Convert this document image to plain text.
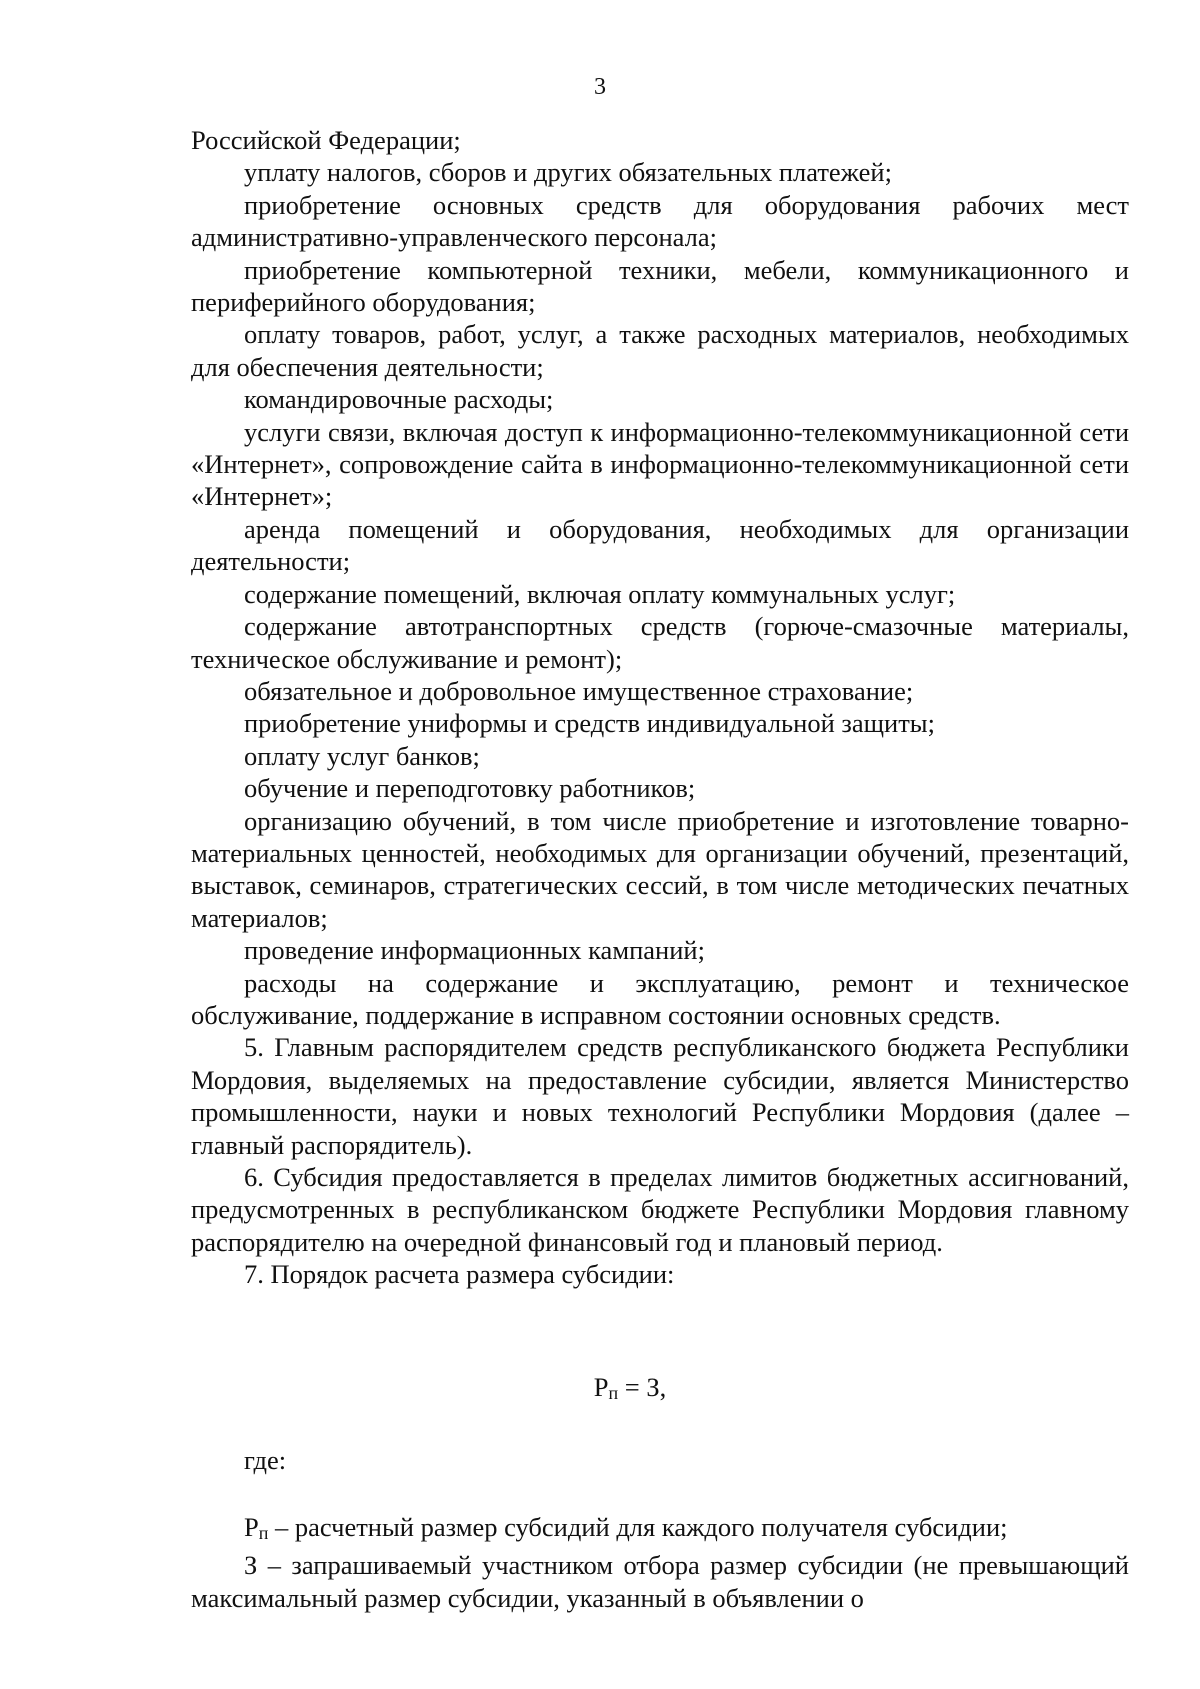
3

Российской Федерации;

уплату налогов, сборов и других обязательных платежей;

приобретение основных средств для оборудования рабочих мест административно-управленческого персонала;

приобретение компьютерной техники, мебели, коммуникационного и периферийного оборудования;

оплату товаров, работ, услуг, а также расходных материалов, необходимых для обеспечения деятельности;

командировочные расходы;

услуги связи, включая доступ к информационно-телекоммуникационной сети «Интернет», сопровождение сайта в информационно-телекоммуникационной сети «Интернет»;

аренда помещений и оборудования, необходимых для организации деятельности;

содержание помещений, включая оплату коммунальных услуг;

содержание автотранспортных средств (горюче-смазочные материалы, техническое обслуживание и ремонт);

обязательное и добровольное имущественное страхование;

приобретение униформы и средств индивидуальной защиты;

оплату услуг банков;

обучение и переподготовку работников;

организацию обучений, в том числе приобретение и изготовление товарно-материальных ценностей, необходимых для организации обучений, презентаций, выставок, семинаров, стратегических сессий, в том числе методических печатных материалов;

проведение информационных кампаний;

расходы на содержание и эксплуатацию, ремонт и техническое обслуживание, поддержание в исправном состоянии основных средств.

5. Главным распорядителем средств республиканского бюджета Республики Мордовия, выделяемых на предоставление субсидии, является Министерство промышленности, науки и новых технологий Республики Мордовия (далее – главный распорядитель).

6. Субсидия предоставляется в пределах лимитов бюджетных ассигнований, предусмотренных в республиканском бюджете Республики Мордовия главному распорядителю на очередной финансовый год и плановый период.

7. Порядок расчета размера субсидии:

$Р_п = З$,
где:

$Р_п$ – расчетный размер субсидий для каждого получателя субсидии;

З – запрашиваемый участником отбора размер субсидии (не превышающий максимальный размер субсидии, указанный в объявлении о
